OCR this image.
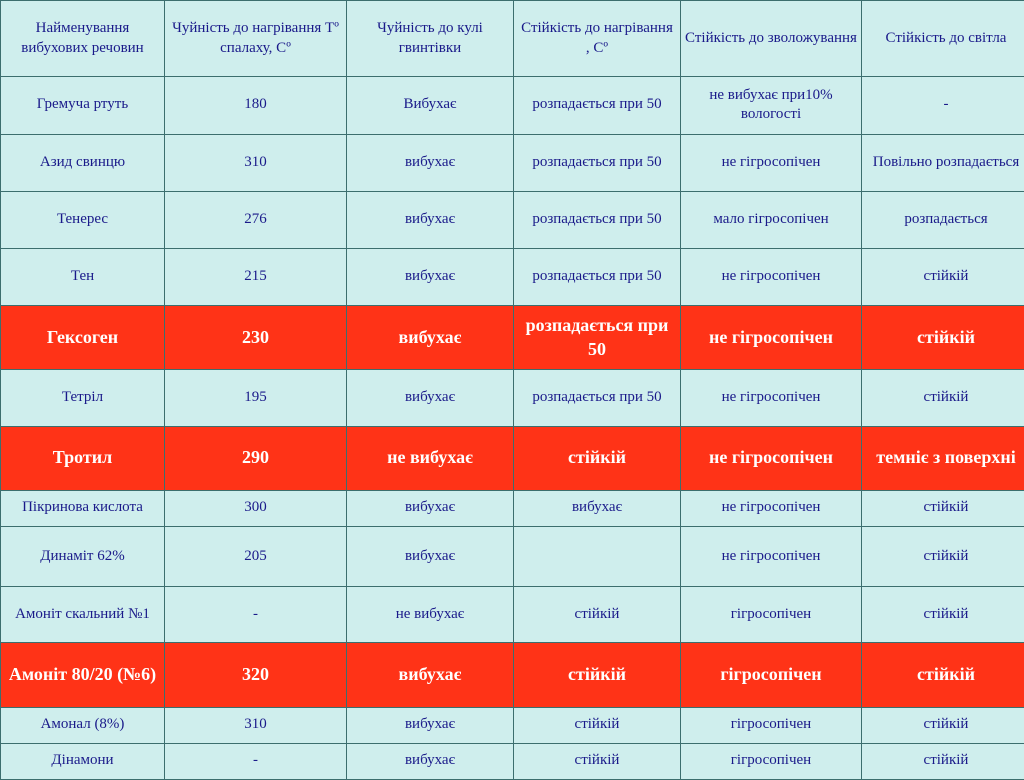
Найменування вибухових речовин	Чуйність до нагрівання Тº спалаху, Сº	Чуйність до кулі гвинтівки	Стійкість до нагрівання , Сº	Стійкість до зволожування	Стійкість до світла
Гремуча ртуть	180	Вибухає	розпадається при 50	не вибухає при10% вологості	-
Азид свинцю	310	вибухає	розпадається при 50	не гігросопічен	Повільно розпадається
Тенерес	276	вибухає	розпадається при 50	мало гігросопічен	розпадається
Тен	215	вибухає	розпадається при 50	не гігросопічен	стійкій
Гексоген	230	вибухає	розпадається при 50	не гігросопічен	стійкій
Тетріл	195	вибухає	розпадається при 50	не гігросопічен	стійкій
Тротил	290	не вибухає	стійкій	не гігросопічен	темніє з поверхні
Пікринова кислота	300	вибухає	вибухає	не гігросопічен	стійкій
Динаміт 62%	205	вибухає		не гігросопічен	стійкій
Амоніт скальний №1	-	не вибухає	стійкій	гігросопічен	стійкій
Амоніт 80/20 (№6)	320	вибухає	стійкій	гігросопічен	стійкій
Амонал (8%)	310	вибухає	стійкій	гігросопічен	стійкій
Дінамони	-	вибухає	стійкій	гігросопічен	стійкій
